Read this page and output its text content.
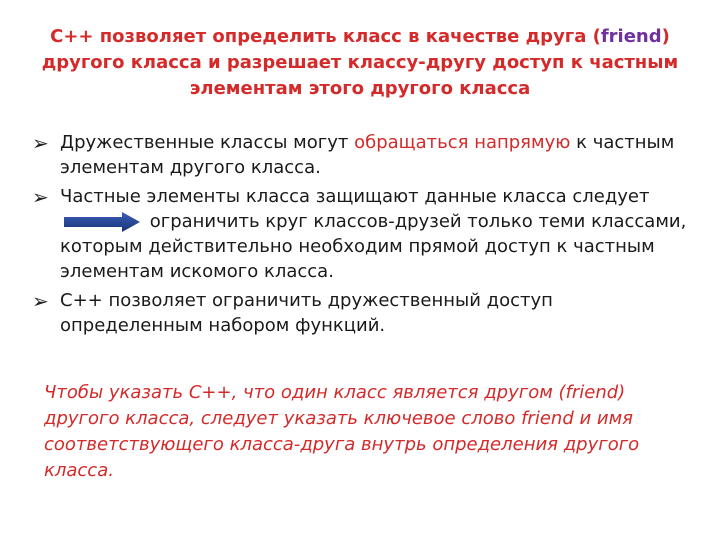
С++ позволяет определить класс в качестве друга (friend) другого класса и разрешает классу-другу доступ к частным элементам этого другого класса
➢ Дружественные классы могут обращаться напрямую к частным элементам другого класса.
➢ Частные элементы класса защищают данные класса следует  ограничить круг классов-друзей только теми классами, которым действительно необходим прямой доступ к частным элементам искомого класса.
➢ С++ позволяет ограничить дружественный доступ определенным набором функций.
Чтобы указать С++, что один класс является другом (friend) другого класса, следует указать ключевое слово friend и имя соответствующего класса-друга внутрь определения другого класса.
